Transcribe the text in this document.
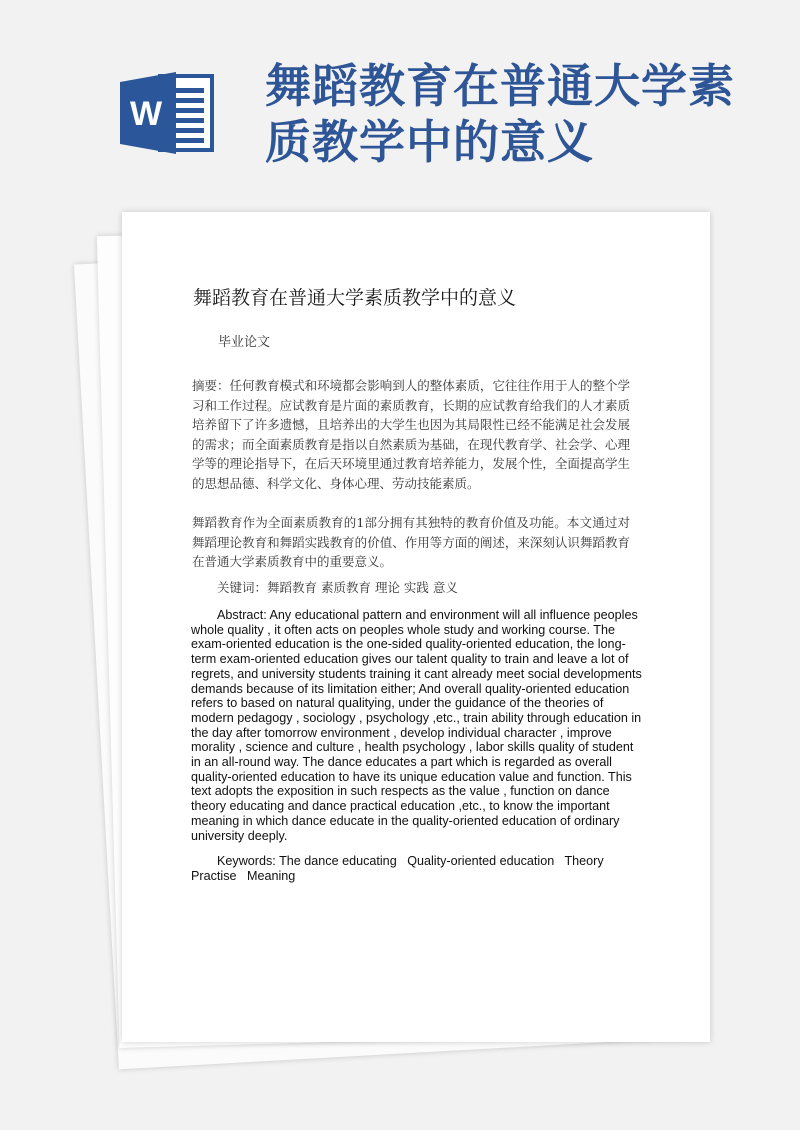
W
舞蹈教育在普通大学素质教学中的意义
舞蹈教育在普通大学素质教学中的意义
毕业论文

摘要：任何教育模式和环境都会影响到人的整体素质，它往往作用于人的整个学习和工作过程。应试教育是片面的素质教育，长期的应试教育给我们的人才素质培养留下了许多遗憾，且培养出的大学生也因为其局限性已经不能满足社会发展的需求；而全面素质教育是指以自然素质为基础，在现代教育学、社会学、心理学等的理论指导下，在后天环境里通过教育培养能力，发展个性，全面提高学生的思想品德、科学文化、身体心理、劳动技能素质。

舞蹈教育作为全面素质教育的1部分拥有其独特的教育价值及功能。本文通过对舞蹈理论教育和舞蹈实践教育的价值、作用等方面的阐述，来深刻认识舞蹈教育在普通大学素质教育中的重要意义。

关键词：舞蹈教育 素质教育 理论 实践 意义

Abstract: Any educational pattern and environment will all influence peoples whole quality , it often acts on peoples whole study and working course. The exam-oriented education is the one-sided quality-oriented education, the long-term exam-oriented education gives our talent quality to train and leave a lot of regrets, and university students training it cant already meet social developments demands because of its limitation either; And overall quality-oriented education refers to based on natural qualitying, under the guidance of the theories of modern pedagogy , sociology , psychology ,etc., train ability through education in the day after tomorrow environment , develop individual character , improve morality , science and culture , health psychology , labor skills quality of student in an all-round way. The dance educates a part which is regarded as overall quality-oriented education to have its unique education value and function. This text adopts the exposition in such respects as the value , function on dance theory educating and dance practical education ,etc., to know the important meaning in which dance educate in the quality-oriented education of ordinary university deeply.

Keywords: The dance educating   Quality-oriented education   Theory Practise   Meaning
